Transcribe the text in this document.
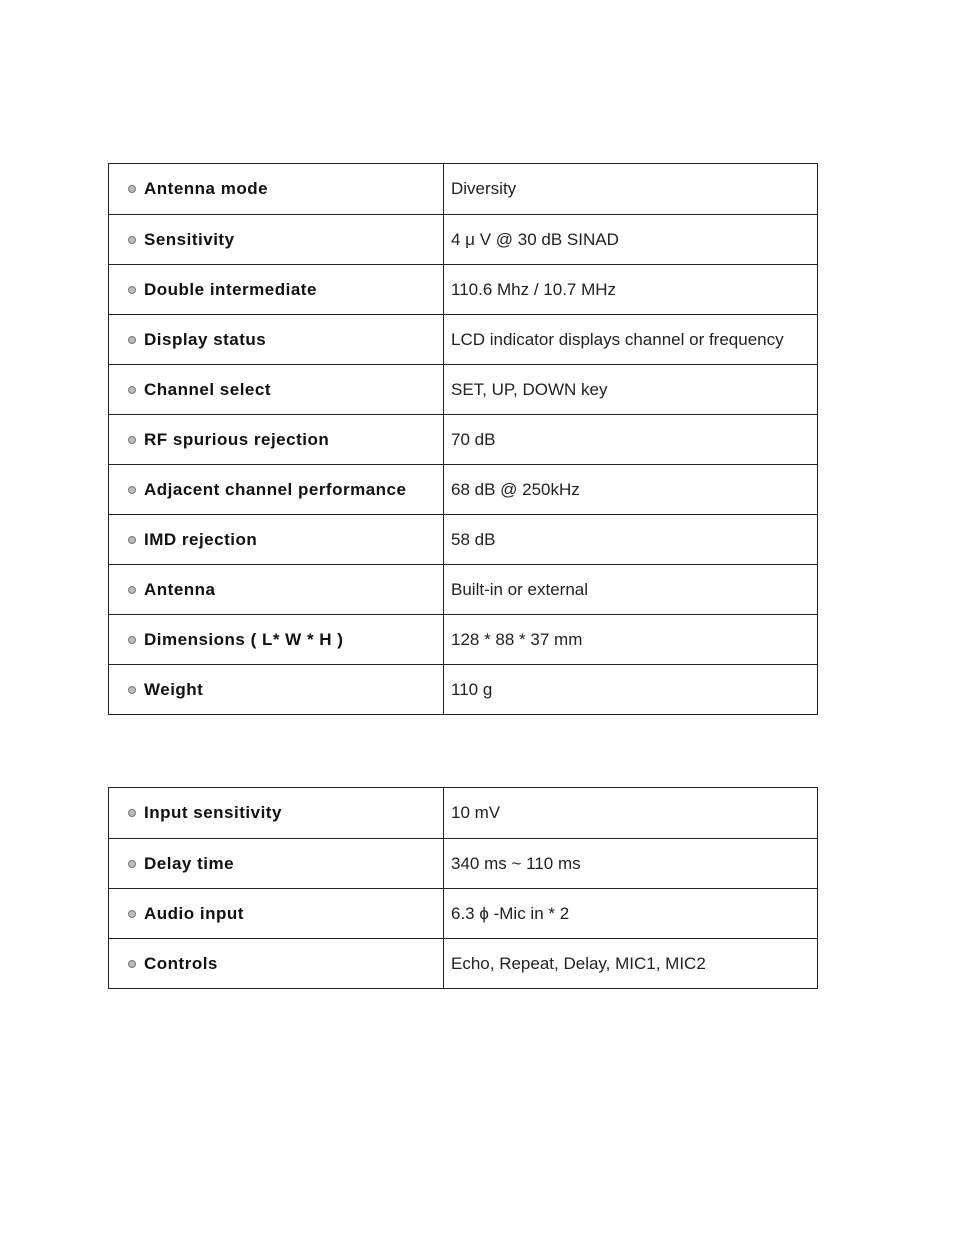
Antenna mode	Diversity
Sensitivity	4 μ V @ 30 dB SINAD
Double intermediate	110.6 Mhz / 10.7 MHz
Display status	LCD indicator displays channel or frequency
Channel select	SET, UP, DOWN key
RF spurious rejection	70 dB
Adjacent channel performance	68 dB @ 250kHz
IMD rejection	58 dB
Antenna	Built-in or external
Dimensions ( L* W * H )	128 * 88 * 37 mm
Weight	110 g
Input sensitivity	10 mV
Delay time	340 ms ~ 110 ms
Audio input	6.3 ϕ -Mic in * 2
Controls	Echo, Repeat, Delay, MIC1, MIC2
